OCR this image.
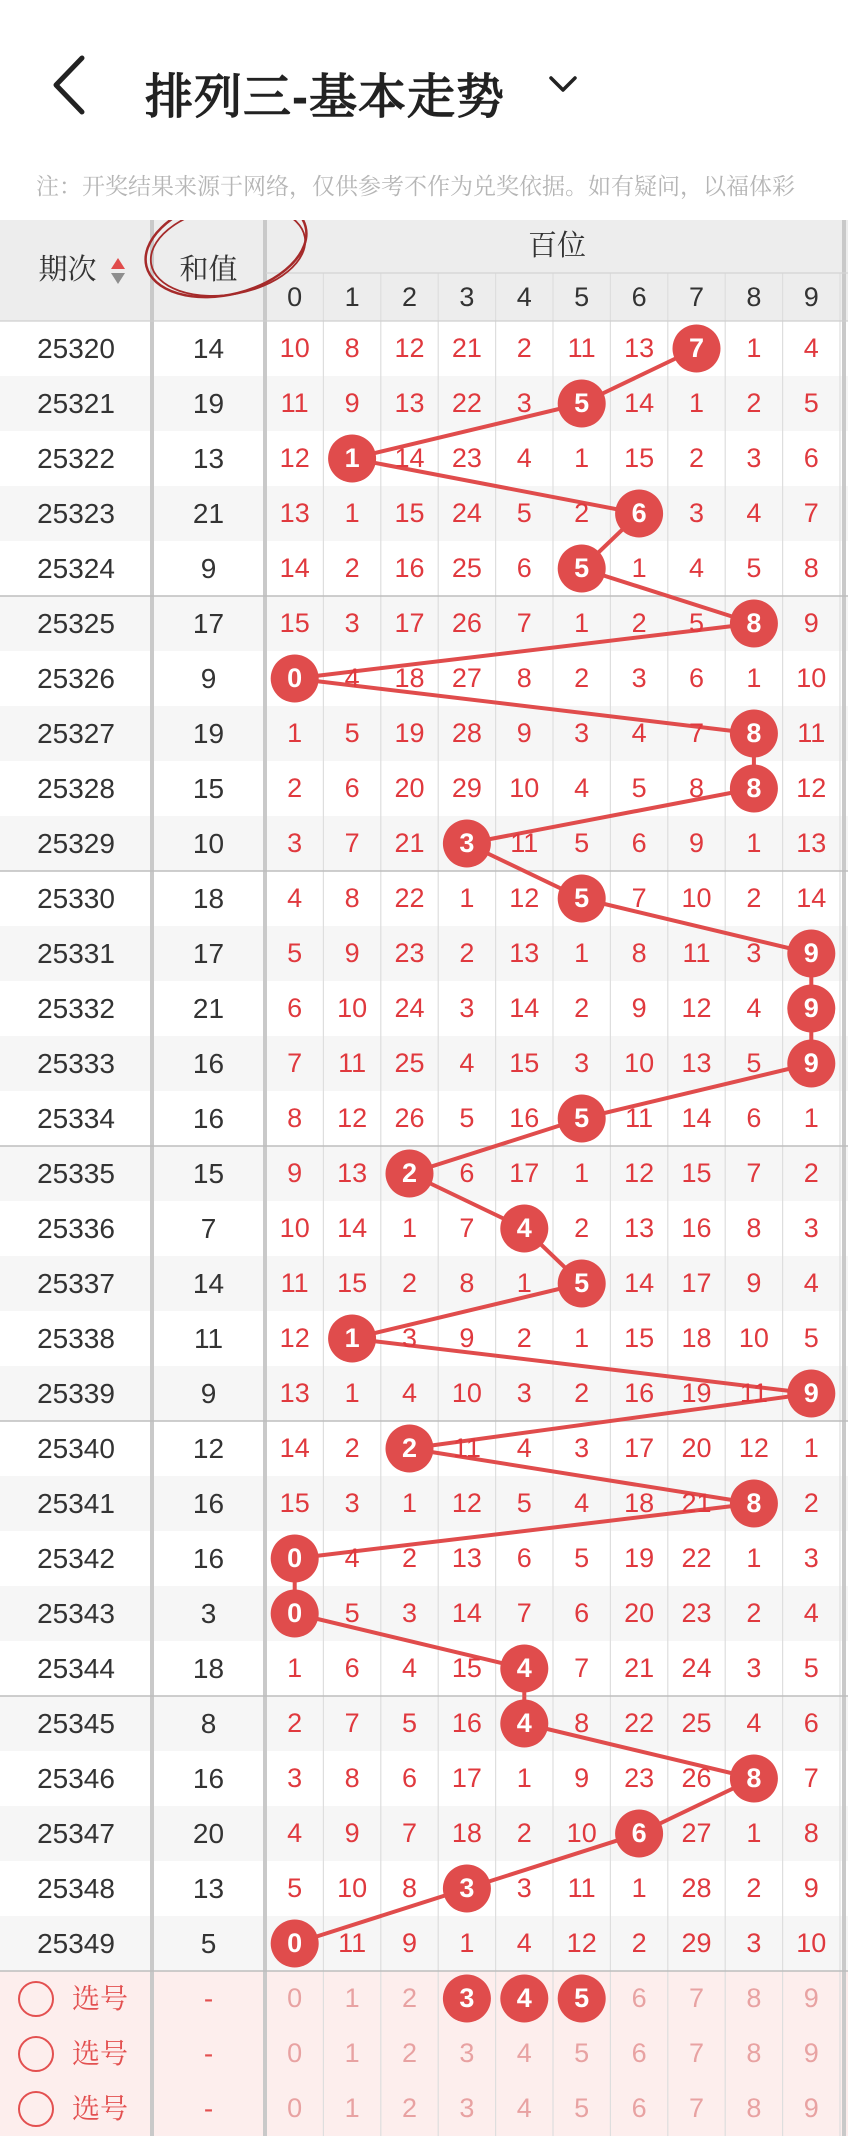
排列三-基本走势
注：开奖结果来源于网络，仅供参考不作为兑奖依据。如有疑问，以福体彩
期次	和值
百位
0	1	2	3	4	5	6	7	8	9
25320	14	10	8	12	21	2	11	13	7	1	4
25321	19	11	9	13	22	3	5	14	1	2	5
25322	13	12	1	14	23	4	1	15	2	3	6
25323	21	13	1	15	24	5	2	6	3	4	7
25324	9	14	2	16	25	6	5	1	4	5	8
25325	17	15	3	17	26	7	1	2	5	8	9
25326	9	0	4	18	27	8	2	3	6	1	10
25327	19	1	5	19	28	9	3	4	7	8	11
25328	15	2	6	20	29	10	4	5	8	8	12
25329	10	3	7	21	3	11	5	6	9	1	13
25330	18	4	8	22	1	12	5	7	10	2	14
25331	17	5	9	23	2	13	1	8	11	3	9
25332	21	6	10	24	3	14	2	9	12	4	9
25333	16	7	11	25	4	15	3	10	13	5	9
25334	16	8	12	26	5	16	5	11	14	6	1
25335	15	9	13	2	6	17	1	12	15	7	2
25336	7	10	14	1	7	4	2	13	16	8	3
25337	14	11	15	2	8	1	5	14	17	9	4
25338	11	12	1	3	9	2	1	15	18	10	5
25339	9	13	1	4	10	3	2	16	19	11	9
25340	12	14	2	2	11	4	3	17	20	12	1
25341	16	15	3	1	12	5	4	18	21	8	2
25342	16	0	4	2	13	6	5	19	22	1	3
25343	3	0	5	3	14	7	6	20	23	2	4
25344	18	1	6	4	15	4	7	21	24	3	5
25345	8	2	7	5	16	4	8	22	25	4	6
25346	16	3	8	6	17	1	9	23	26	8	7
25347	20	4	9	7	18	2	10	6	27	1	8
25348	13	5	10	8	3	3	11	1	28	2	9
25349	5	0	11	9	1	4	12	2	29	3	10
选号	-	0	1	2	3	4	5	6	7	8	9
选号	-	0	1	2	3	4	5	6	7	8	9
选号	-	0	1	2	3	4	5	6	7	8	9
